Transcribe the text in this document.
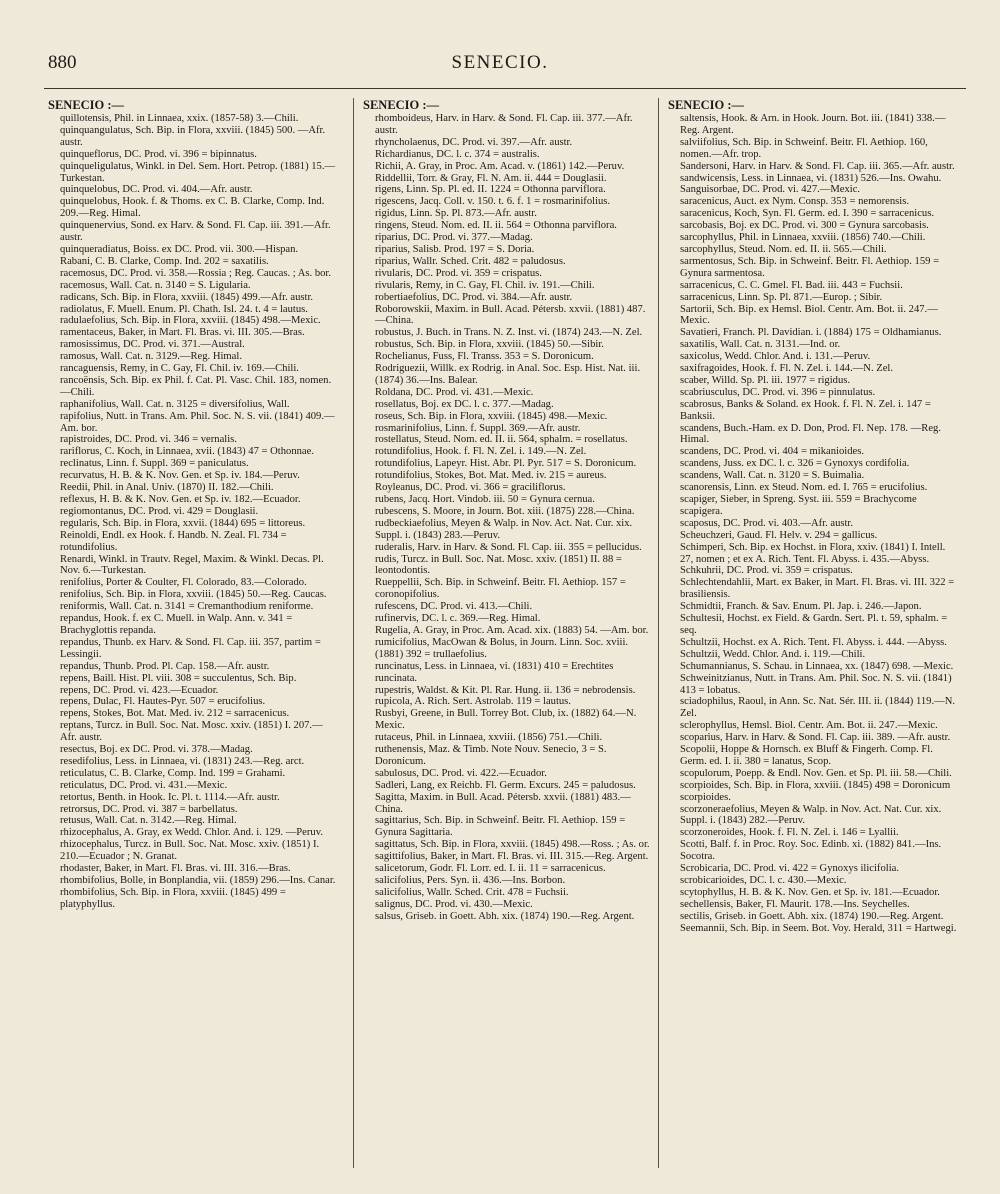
880	SENECIO.
SENECIO :—
quillotensis, Phil. in Linnaea, xxix. (1857-58) 3.—Chili.
quinquangulatus, Sch. Bip. in Flora, xxviii. (1845) 500. —Afr. austr.
quinqueflorus, DC. Prod. vi. 396 = bipinnatus.
quinqueligulatus, Winkl. in Del. Sem. Hort. Petrop. (1881) 15.—Turkestan.
quinquelobus, DC. Prod. vi. 404.—Afr. austr.
quinquelobus, Hook. f. & Thoms. ex C. B. Clarke, Comp. Ind. 209.—Reg. Himal.
quinquenervius, Sond. ex Harv. & Sond. Fl. Cap. iii. 391.—Afr. austr.
quinqueradiatus, Boiss. ex DC. Prod. vii. 300.—Hispan.
Rabani, C. B. Clarke, Comp. Ind. 202 = saxatilis.
racemosus, DC. Prod. vi. 358.—Rossia ; Reg. Caucas. ; As. bor.
racemosus, Wall. Cat. n. 3140 = S. Ligularia.
radicans, Sch. Bip. in Flora, xxviii. (1845) 499.—Afr. austr.
radiolatus, F. Muell. Enum. Pl. Chath. Isl. 24. t. 4 = lautus.
radulaefolius, Sch. Bip. in Flora, xxviii. (1845) 498.—Mexic.
ramentaceus, Baker, in Mart. Fl. Bras. vi. III. 305.—Bras.
ramosissimus, DC. Prod. vi. 371.—Austral.
ramosus, Wall. Cat. n. 3129.—Reg. Himal.
rancaguensis, Remy, in C. Gay, Fl. Chil. iv. 169.—Chili.
rancoënsis, Sch. Bip. ex Phil. f. Cat. Pl. Vasc. Chil. 183, nomen.—Chili.
raphanifolius, Wall. Cat. n. 3125 = diversifolius, Wall.
rapifolius, Nutt. in Trans. Am. Phil. Soc. N. S. vii. (1841) 409.—Am. bor.
rapistroides, DC. Prod. vi. 346 = vernalis.
rariflorus, C. Koch, in Linnaea, xvii. (1843) 47 = Othonnae.
reclinatus, Linn. f. Suppl. 369 = paniculatus.
recurvatus, H. B. & K. Nov. Gen. et Sp. iv. 184.—Peruv.
Reedii, Phil. in Anal. Univ. (1870) II. 182.—Chili.
reflexus, H. B. & K. Nov. Gen. et Sp. iv. 182.—Ecuador.
regiomontanus, DC. Prod. vi. 429 = Douglasii.
regularis, Sch. Bip. in Flora, xxvii. (1844) 695 = littoreus.
Reinoldi, Endl. ex Hook. f. Handb. N. Zeal. Fl. 734 = rotundifolius.
Renardi, Winkl. in Trautv. Regel, Maxim. & Winkl. Decas. Pl. Nov. 6.—Turkestan.
renifolius, Porter & Coulter, Fl. Colorado, 83.—Colorado.
renifolius, Sch. Bip. in Flora, xxviii. (1845) 50.—Reg. Caucas.
reniformis, Wall. Cat. n. 3141 = Cremanthodium reniforme.
repandus, Hook. f. ex C. Muell. in Walp. Ann. v. 341 = Brachyglottis repanda.
repandus, Thunb. ex Harv. & Sond. Fl. Cap. iii. 357, partim = Lessingii.
repandus, Thunb. Prod. Pl. Cap. 158.—Afr. austr.
repens, Baill. Hist. Pl. viii. 308 = succulentus, Sch. Bip.
repens, DC. Prod. vi. 423.—Ecuador.
repens, Dulac, Fl. Hautes-Pyr. 507 = erucifolius.
repens, Stokes, Bot. Mat. Med. iv. 212 = sarracenicus.
reptans, Turcz. in Bull. Soc. Nat. Mosc. xxiv. (1851) I. 207.—Afr. austr.
resectus, Boj. ex DC. Prod. vi. 378.—Madag.
resedifolius, Less. in Linnaea, vi. (1831) 243.—Reg. arct.
reticulatus, C. B. Clarke, Comp. Ind. 199 = Grahami.
reticulatus, DC. Prod. vi. 431.—Mexic.
retortus, Benth. in Hook. Ic. Pl. t. 1114.—Afr. austr.
retrorsus, DC. Prod. vi. 387 = barbellatus.
retusus, Wall. Cat. n. 3142.—Reg. Himal.
rhizocephalus, A. Gray, ex Wedd. Chlor. And. i. 129. —Peruv.
rhizocephalus, Turcz. in Bull. Soc. Nat. Mosc. xxiv. (1851) I. 210.—Ecuador ; N. Granat.
rhodaster, Baker, in Mart. Fl. Bras. vi. III. 316.—Bras.
rhombifolius, Bolle, in Bonplandia, vii. (1859) 296.—Ins. Canar.
rhombifolius, Sch. Bip. in Flora, xxviii. (1845) 499 = platyphyllus.
SENECIO :—
rhomboideus, Harv. in Harv. & Sond. Fl. Cap. iii. 377.—Afr. austr.
rhyncholaenus, DC. Prod. vi. 397.—Afr. austr.
Richardianus, DC. l. c. 374 = australis.
Richii, A. Gray, in Proc. Am. Acad. v. (1861) 142.—Peruv.
Riddellii, Torr. & Gray, Fl. N. Am. ii. 444 = Douglasii.
rigens, Linn. Sp. Pl. ed. II. 1224 = Othonna parviflora.
rigescens, Jacq. Coll. v. 150. t. 6. f. 1 = rosmarinifolius.
rigidus, Linn. Sp. Pl. 873.—Afr. austr.
ringens, Steud. Nom. ed. II. ii. 564 = Othonna parviflora.
riparius, DC. Prod. vi. 377.—Madag.
riparius, Salisb. Prod. 197 = S. Doria.
riparius, Wallr. Sched. Crit. 482 = paludosus.
rivularis, DC. Prod. vi. 359 = crispatus.
rivularis, Remy, in C. Gay, Fl. Chil. iv. 191.—Chili.
robertiaefolius, DC. Prod. vi. 384.—Afr. austr.
Roborowskii, Maxim. in Bull. Acad. Pétersb. xxvii. (1881) 487.—China.
robustus, J. Buch. in Trans. N. Z. Inst. vi. (1874) 243.—N. Zel.
robustus, Sch. Bip. in Flora, xxviii. (1845) 50.—Sibir.
Rochelianus, Fuss, Fl. Transs. 353 = S. Doronicum.
Rodriguezii, Willk. ex Rodrig. in Anal. Soc. Esp. Hist. Nat. iii. (1874) 36.—Ins. Balear.
Roldana, DC. Prod. vi. 431.—Mexic.
rosellatus, Boj. ex DC. l. c. 377.—Madag.
roseus, Sch. Bip. in Flora, xxviii. (1845) 498.—Mexic.
rosmarinifolius, Linn. f. Suppl. 369.—Afr. austr.
rostellatus, Steud. Nom. ed. II. ii. 564, sphalm. = rosellatus.
rotundifolius, Hook. f. Fl. N. Zel. i. 149.—N. Zel.
rotundifolius, Lapeyr. Hist. Abr. Pl. Pyr. 517 = S. Doronicum.
rotundifolius, Stokes, Bot. Mat. Med. iv. 215 = aureus.
Royleanus, DC. Prod. vi. 366 = graciliflorus.
rubens, Jacq. Hort. Vindob. iii. 50 = Gynura cernua.
rubescens, S. Moore, in Journ. Bot. xiii. (1875) 228.—China.
rudbeckiaefolius, Meyen & Walp. in Nov. Act. Nat. Cur. xix. Suppl. i. (1843) 283.—Peruv.
ruderalis, Harv. in Harv. & Sond. Fl. Cap. iii. 355 = pellucidus.
rudis, Turcz. in Bull. Soc. Nat. Mosc. xxiv. (1851) II. 88 = leontodontis.
Rueppellii, Sch. Bip. in Schweinf. Beitr. Fl. Aethiop. 157 = coronopifolius.
rufescens, DC. Prod. vi. 413.—Chili.
rufinervis, DC. l. c. 369.—Reg. Himal.
Rugelia, A. Gray, in Proc. Am. Acad. xix. (1883) 54. —Am. bor.
rumicifolius, MacOwan & Bolus, in Journ. Linn. Soc. xviii. (1881) 392 = trullaefolius.
runcinatus, Less. in Linnaea, vi. (1831) 410 = Erechtites runcinata.
rupestris, Waldst. & Kit. Pl. Rar. Hung. ii. 136 = nebrodensis.
rupicola, A. Rich. Sert. Astrolab. 119 = lautus.
Rusbyi, Greene, in Bull. Torrey Bot. Club, ix. (1882) 64.—N. Mexic.
rutaceus, Phil. in Linnaea, xxviii. (1856) 751.—Chili.
ruthenensis, Maz. & Timb. Note Nouv. Senecio, 3 = S. Doronicum.
sabulosus, DC. Prod. vi. 422.—Ecuador.
Sadleri, Lang, ex Reichb. Fl. Germ. Excurs. 245 = paludosus.
Sagitta, Maxim. in Bull. Acad. Pétersb. xxvii. (1881) 483.—China.
sagittarius, Sch. Bip. in Schweinf. Beitr. Fl. Aethiop. 159 = Gynura Sagittaria.
sagittatus, Sch. Bip. in Flora, xxviii. (1845) 498.—Ross. ; As. or.
sagittifolius, Baker, in Mart. Fl. Bras. vi. III. 315.—Reg. Argent.
salicetorum, Godr. Fl. Lorr. ed. I. ii. 11 = sarracenicus.
salicifolius, Pers. Syn. ii. 436.—Ins. Borbon.
salicifolius, Wallr. Sched. Crit. 478 = Fuchsii.
salignus, DC. Prod. vi. 430.—Mexic.
salsus, Griseb. in Goett. Abh. xix. (1874) 190.—Reg. Argent.
SENECIO :—
saltensis, Hook. & Arn. in Hook. Journ. Bot. iii. (1841) 338.—Reg. Argent.
salviifolius, Sch. Bip. in Schweinf. Beitr. Fl. Aethiop. 160, nomen.—Afr. trop.
Sandersoni, Harv. in Harv. & Sond. Fl. Cap. iii. 365.—Afr. austr.
sandwicensis, Less. in Linnaea, vi. (1831) 526.—Ins. Owahu.
Sanguisorbae, DC. Prod. vi. 427.—Mexic.
saracenicus, Auct. ex Nym. Consp. 353 = nemorensis.
saracenicus, Koch, Syn. Fl. Germ. ed. I. 390 = sarracenicus.
sarcobasis, Boj. ex DC. Prod. vi. 300 = Gynura sarcobasis.
sarcophyllus, Phil. in Linnaea, xxviii. (1856) 740.—Chili.
sarcophyllus, Steud. Nom. ed. II. ii. 565.—Chili.
sarmentosus, Sch. Bip. in Schweinf. Beitr. Fl. Aethiop. 159 = Gynura sarmentosa.
sarracenicus, C. C. Gmel. Fl. Bad. iii. 443 = Fuchsii.
sarracenicus, Linn. Sp. Pl. 871.—Europ. ; Sibir.
Sartorii, Sch. Bip. ex Hemsl. Biol. Centr. Am. Bot. ii. 247.—Mexic.
Savatieri, Franch. Pl. Davidian. i. (1884) 175 = Oldhamianus.
saxatilis, Wall. Cat. n. 3131.—Ind. or.
saxicolus, Wedd. Chlor. And. i. 131.—Peruv.
saxifragoides, Hook. f. Fl. N. Zel. i. 144.—N. Zel.
scaber, Willd. Sp. Pl. iii. 1977 = rigidus.
scabriusculus, DC. Prod. vi. 396 = pinnulatus.
scabrosus, Banks & Soland. ex Hook. f. Fl. N. Zel. i. 147 = Banksii.
scandens, Buch.-Ham. ex D. Don, Prod. Fl. Nep. 178. —Reg. Himal.
scandens, DC. Prod. vi. 404 = mikanioides.
scandens, Juss. ex DC. l. c. 326 = Gynoxys cordifolia.
scandens, Wall. Cat. n. 3120 = S. Buimalia.
scanorensis, Linn. ex Steud. Nom. ed. I. 765 = erucifolius.
scapiger, Sieber, in Spreng. Syst. iii. 559 = Brachycome scapigera.
scaposus, DC. Prod. vi. 403.—Afr. austr.
Scheuchzeri, Gaud. Fl. Helv. v. 294 = gallicus.
Schimperi, Sch. Bip. ex Hochst. in Flora, xxiv. (1841) I. Intell. 27, nomen ; et ex A. Rich. Tent. Fl. Abyss. i. 435.—Abyss.
Schkuhrii, DC. Prod. vi. 359 = crispatus.
Schlechtendahlii, Mart. ex Baker, in Mart. Fl. Bras. vi. III. 322 = brasiliensis.
Schmidtii, Franch. & Sav. Enum. Pl. Jap. i. 246.—Japon.
Schultesii, Hochst. ex Field. & Gardn. Sert. Pl. t. 59, sphalm. = seq.
Schultzii, Hochst. ex A. Rich. Tent. Fl. Abyss. i. 444. —Abyss.
Schultzii, Wedd. Chlor. And. i. 119.—Chili.
Schumannianus, S. Schau. in Linnaea, xx. (1847) 698. —Mexic.
Schweinitzianus, Nutt. in Trans. Am. Phil. Soc. N. S. vii. (1841) 413 = lobatus.
sciadophilus, Raoul, in Ann. Sc. Nat. Sér. III. ii. (1844) 119.—N. Zel.
sclerophyllus, Hemsl. Biol. Centr. Am. Bot. ii. 247.—Mexic.
scoparius, Harv. in Harv. & Sond. Fl. Cap. iii. 389. —Afr. austr.
Scopolii, Hoppe & Hornsch. ex Bluff & Fingerh. Comp. Fl. Germ. ed. I. ii. 380 = lanatus, Scop.
scopulorum, Poepp. & Endl. Nov. Gen. et Sp. Pl. iii. 58.—Chili.
scorpioides, Sch. Bip. in Flora, xxviii. (1845) 498 = Doronicum scorpioides.
scorzoneraefolius, Meyen & Walp. in Nov. Act. Nat. Cur. xix. Suppl. i. (1843) 282.—Peruv.
scorzoneroides, Hook. f. Fl. N. Zel. i. 146 = Lyallii.
Scotti, Balf. f. in Proc. Roy. Soc. Edinb. xi. (1882) 841.—Ins. Socotra.
Scrobicaria, DC. Prod. vi. 422 = Gynoxys ilicifolia.
scrobicarioides, DC. l. c. 430.—Mexic.
scytophyllus, H. B. & K. Nov. Gen. et Sp. iv. 181.—Ecuador.
sechellensis, Baker, Fl. Maurit. 178.—Ins. Seychelles.
sectilis, Griseb. in Goett. Abh. xix. (1874) 190.—Reg. Argent.
Seemannii, Sch. Bip. in Seem. Bot. Voy. Herald, 311 = Hartwegi.
